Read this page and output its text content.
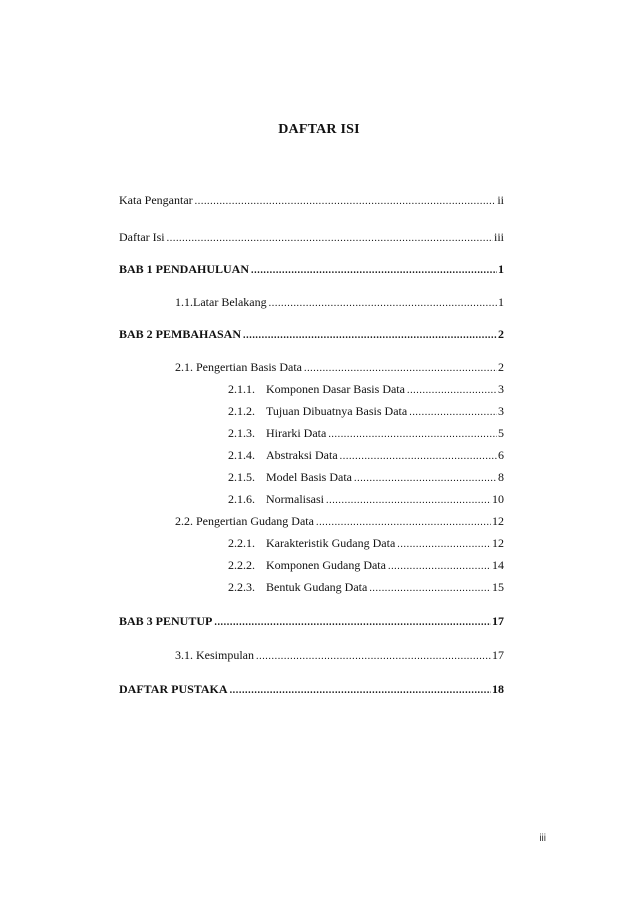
DAFTAR ISI
Kata Pengantar .....	ii
Daftar Isi .....	iii
BAB 1 PENDAHULUAN .....	1
1.1.Latar Belakang .....	1
BAB 2 PEMBAHASAN .....	2
2.1. Pengertian Basis Data .....	2
2.1.1. Komponen Dasar Basis Data .....	3
2.1.2. Tujuan Dibuatnya Basis Data .....	3
2.1.3. Hirarki Data .....	5
2.1.4. Abstraksi Data .....	6
2.1.5. Model Basis Data .....	8
2.1.6. Normalisasi .....	10
2.2. Pengertian Gudang Data .....	12
2.2.1. Karakteristik Gudang Data .....	12
2.2.2. Komponen Gudang Data .....	14
2.2.3. Bentuk Gudang Data .....	15
BAB 3 PENUTUP .....	17
3.1. Kesimpulan .....	17
DAFTAR PUSTAKA .....	18
iii
